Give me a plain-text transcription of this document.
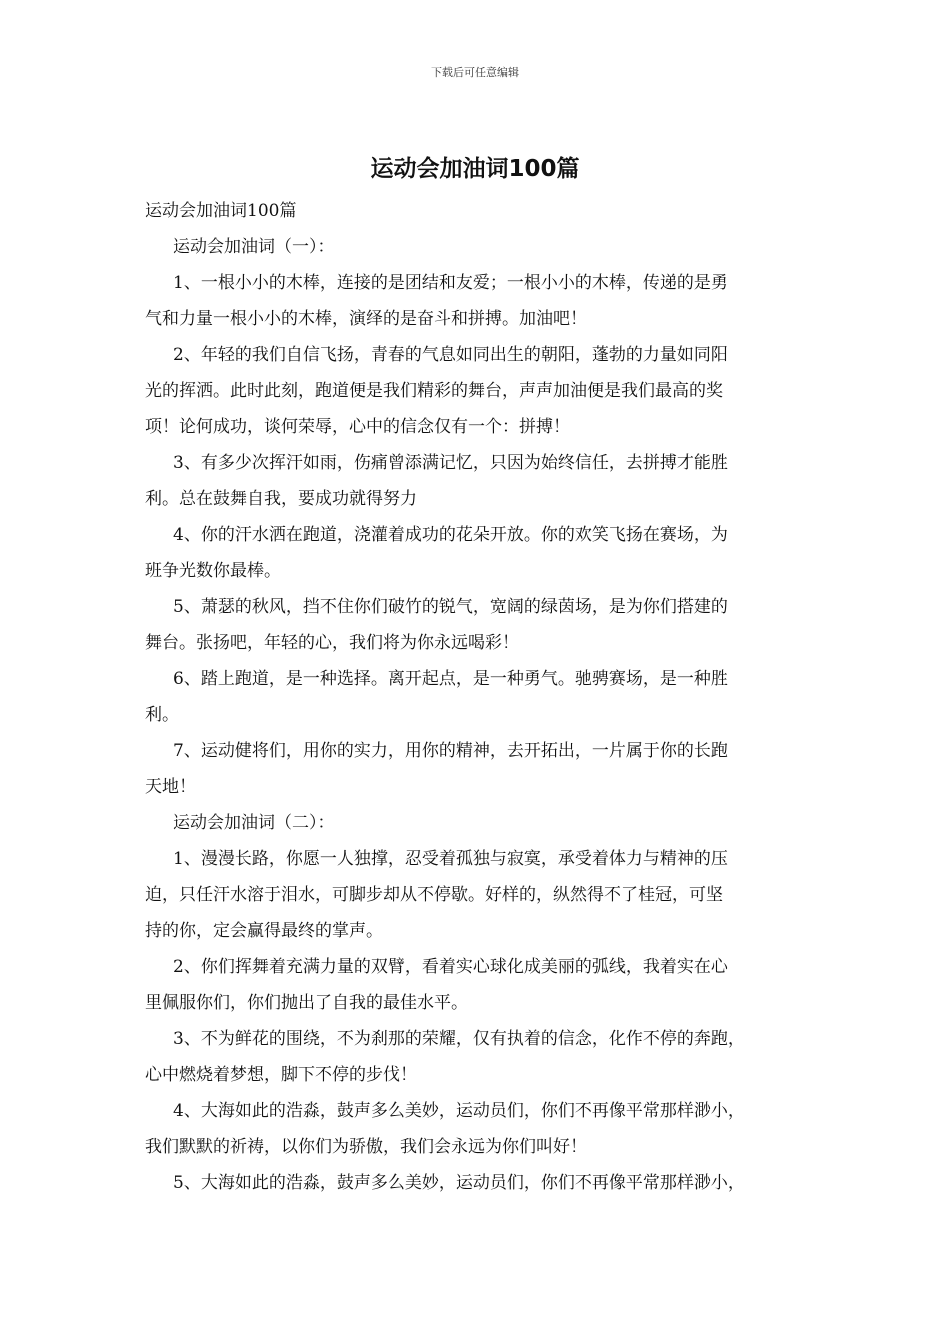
下载后可任意编辑
运动会加油词100篇

运动会加油词100篇

运动会加油词（一）：

1、一根小小的木棒，连接的是团结和友爱；一根小小的木棒，传递的是勇

气和力量一根小小的木棒，演绎的是奋斗和拼搏。加油吧！

2、年轻的我们自信飞扬，青春的气息如同出生的朝阳，蓬勃的力量如同阳

光的挥洒。此时此刻，跑道便是我们精彩的舞台，声声加油便是我们最高的奖

项！论何成功，谈何荣辱，心中的信念仅有一个：拼搏！

3、有多少次挥汗如雨，伤痛曾添满记忆，只因为始终信任，去拼搏才能胜

利。总在鼓舞自我，要成功就得努力

4、你的汗水洒在跑道，浇灌着成功的花朵开放。你的欢笑飞扬在赛场，为

班争光数你最棒。

5、萧瑟的秋风，挡不住你们破竹的锐气，宽阔的绿茵场，是为你们搭建的

舞台。张扬吧，年轻的心，我们将为你永远喝彩！

6、踏上跑道，是一种选择。离开起点，是一种勇气。驰骋赛场，是一种胜

利。

7、运动健将们，用你的实力，用你的精神，去开拓出，一片属于你的长跑

天地！

运动会加油词（二）：

1、漫漫长路，你愿一人独撑，忍受着孤独与寂寞，承受着体力与精神的压

迫，只任汗水溶于泪水，可脚步却从不停歇。好样的，纵然得不了桂冠，可坚

持的你，定会赢得最终的掌声。

2、你们挥舞着充满力量的双臂，看着实心球化成美丽的弧线，我着实在心

里佩服你们，你们抛出了自我的最佳水平。

3、不为鲜花的围绕，不为刹那的荣耀，仅有执着的信念，化作不停的奔跑，

心中燃烧着梦想，脚下不停的步伐！

4、大海如此的浩淼，鼓声多么美妙，运动员们，你们不再像平常那样渺小，

我们默默的祈祷，以你们为骄傲，我们会永远为你们叫好！

5、大海如此的浩淼，鼓声多么美妙，运动员们，你们不再像平常那样渺小，
